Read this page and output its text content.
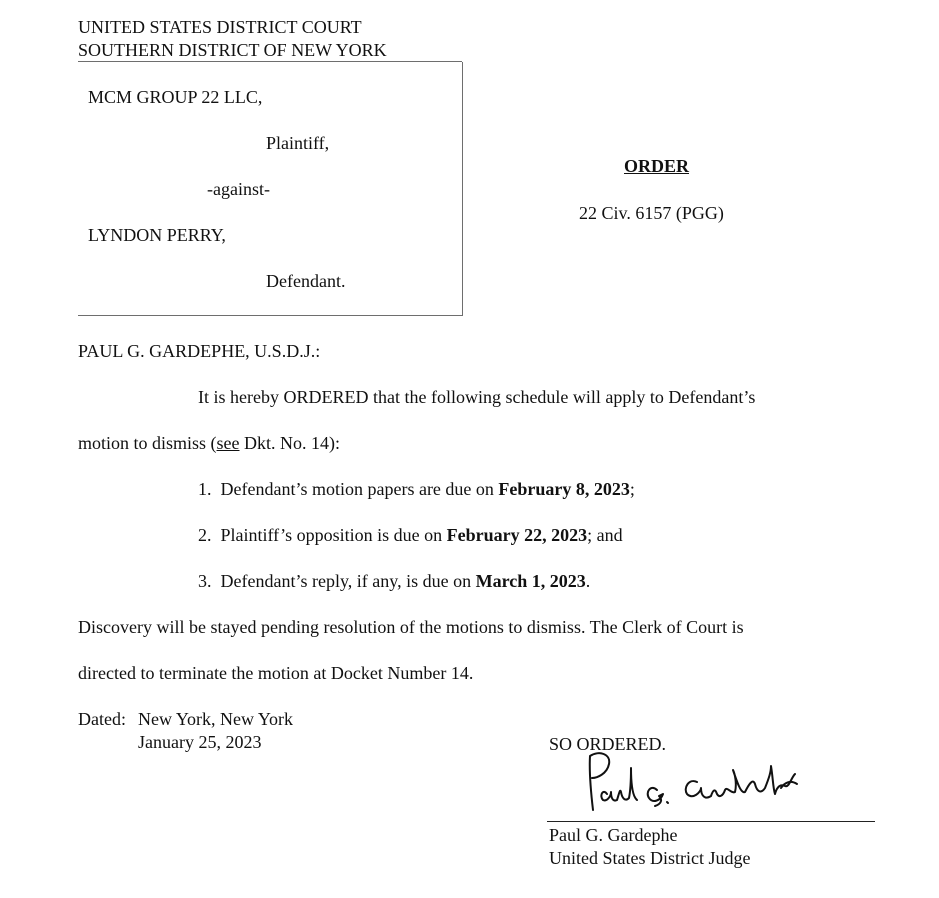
UNITED STATES DISTRICT COURT
SOUTHERN DISTRICT OF NEW YORK
MCM GROUP 22 LLC,
Plaintiff,
-against-
LYNDON PERRY,
Defendant.
ORDER
22 Civ. 6157 (PGG)
PAUL G. GARDEPHE, U.S.D.J.:
It is hereby ORDERED that the following schedule will apply to Defendant’s
motion to dismiss (see Dkt. No. 14):
1. Defendant’s motion papers are due on February 8, 2023;
2. Plaintiff’s opposition is due on February 22, 2023; and
3. Defendant’s reply, if any, is due on March 1, 2023.
Discovery will be stayed pending resolution of the motions to dismiss. The Clerk of Court is
directed to terminate the motion at Docket Number 14.
Dated: New York, New York
January 25, 2023	SO ORDERED.
Paul G. Gardephe
United States District Judge
